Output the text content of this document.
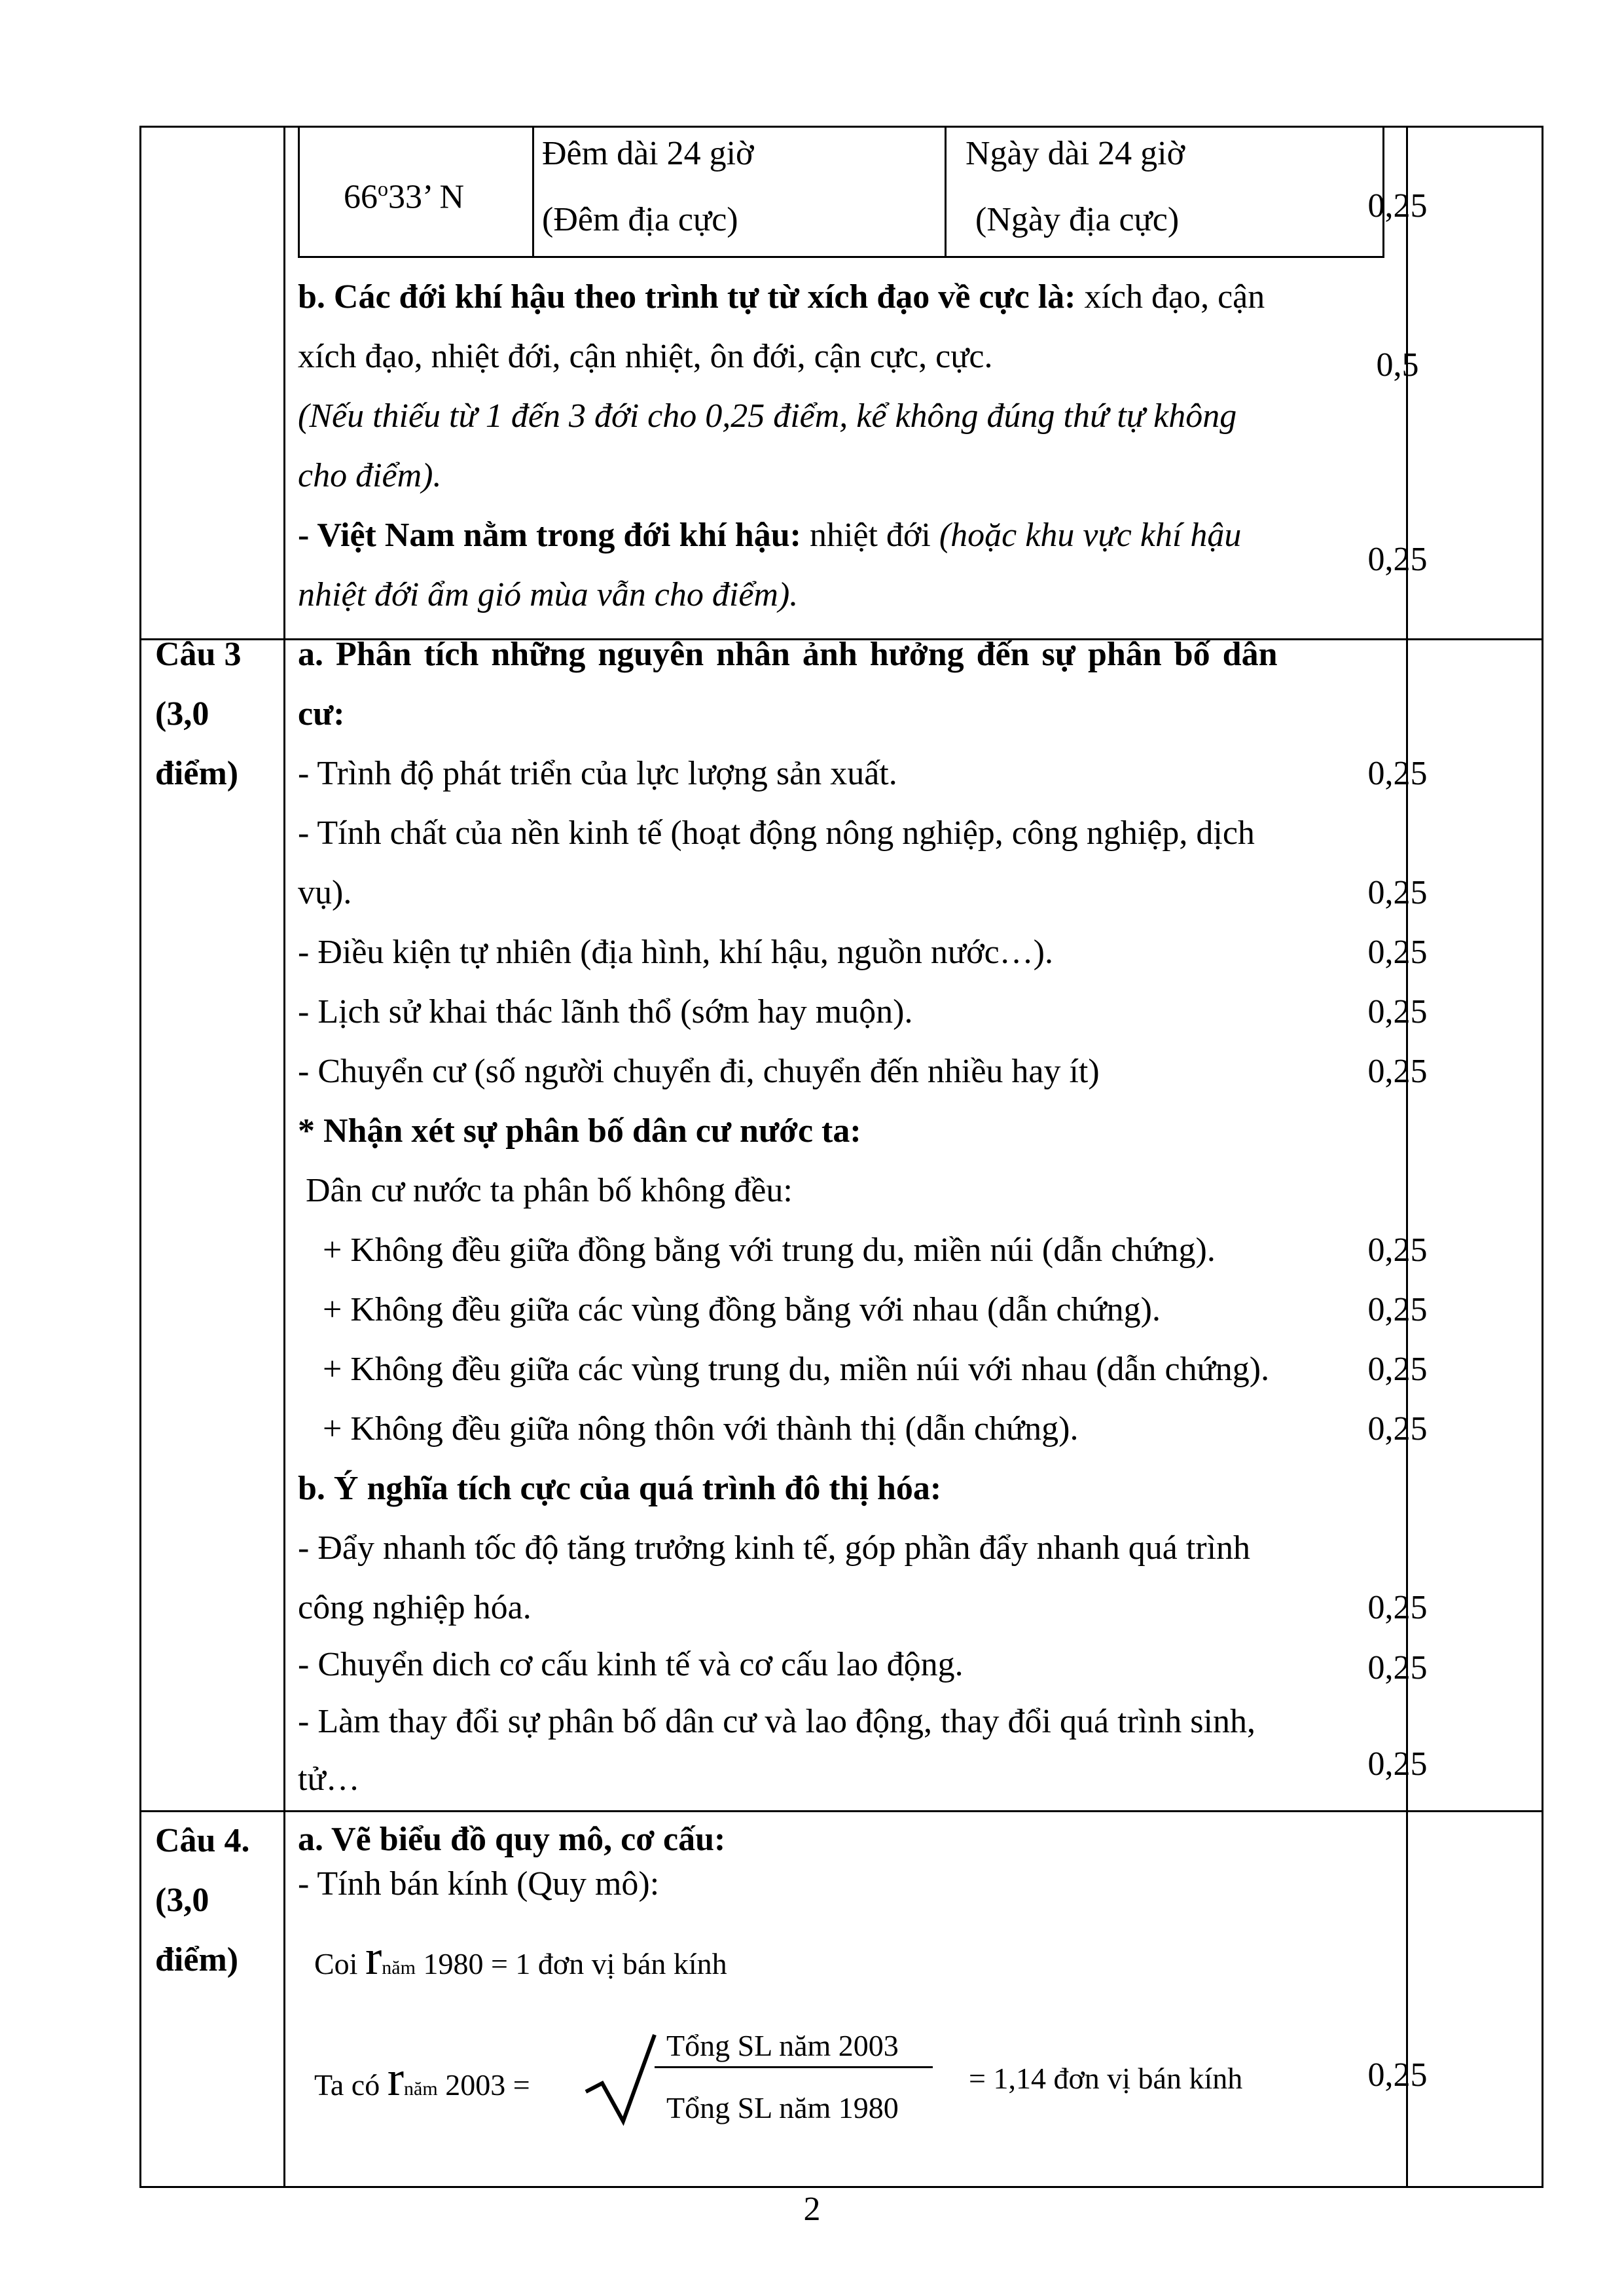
66$^o$33’ N
Đêm dài 24 giờ
(Đêm địa cực)
Ngày dài 24 giờ
(Ngày địa cực)
b. Các đới khí hậu theo trình tự từ xích đạo về cực là: xích đạo, cận
xích đạo, nhiệt đới, cận nhiệt, ôn đới, cận cực, cực.
(Nếu thiếu từ 1 đến 3 đới cho 0,25 điểm, kể không đúng thứ tự không
cho điểm).
- Việt Nam nằm trong đới khí hậu: nhiệt đới (hoặc khu vực khí hậu
nhiệt đới ẩm gió mùa vẫn cho điểm).
0,25
0,5
0,25
Câu 3
(3,0
điểm)
a. Phân tích những nguyên nhân ảnh hưởng đến sự phân bố dân
cư:
- Trình độ phát triển của lực lượng sản xuất.
- Tính chất của nền kinh tế (hoạt động nông nghiệp, công nghiệp, dịch
vụ).
- Điều kiện tự nhiên (địa hình, khí hậu, nguồn nước…).
- Lịch sử khai thác lãnh thổ (sớm hay muộn).
- Chuyển cư (số người chuyển đi, chuyển đến nhiều hay ít)
* Nhận xét sự phân bố dân cư nước ta:
Dân cư nước ta phân bố không đều:
+ Không đều giữa đồng bằng với trung du, miền núi (dẫn chứng).
+ Không đều giữa các vùng đồng bằng với nhau (dẫn chứng).
+ Không đều giữa các vùng trung du, miền núi với nhau (dẫn chứng).
+ Không đều giữa nông thôn với thành thị (dẫn chứng).
b. Ý nghĩa tích cực của quá trình đô thị hóa:
- Đẩy nhanh tốc độ tăng trưởng kinh tế, góp phần đẩy nhanh quá trình
công nghiệp hóa.
- Chuyển dich cơ cấu kinh tế và cơ cấu lao động.
- Làm thay đổi sự phân bố dân cư và lao động, thay đổi quá trình sinh,
tử…
0,25
0,25
0,25
0,25
0,25
0,25
0,25
0,25
0,25
0,25
0,25
0,25
Câu 4.
(3,0
điểm)
a. Vẽ biểu đồ quy mô, cơ cấu:
- Tính bán kính (Quy mô):
Coi rnăm 1980 = 1 đơn vị bán kính
Ta có rnăm 2003 =
Tổng SL năm 2003
Tổng SL năm 1980
= 1,14 đơn vị bán kính	0,25
2
